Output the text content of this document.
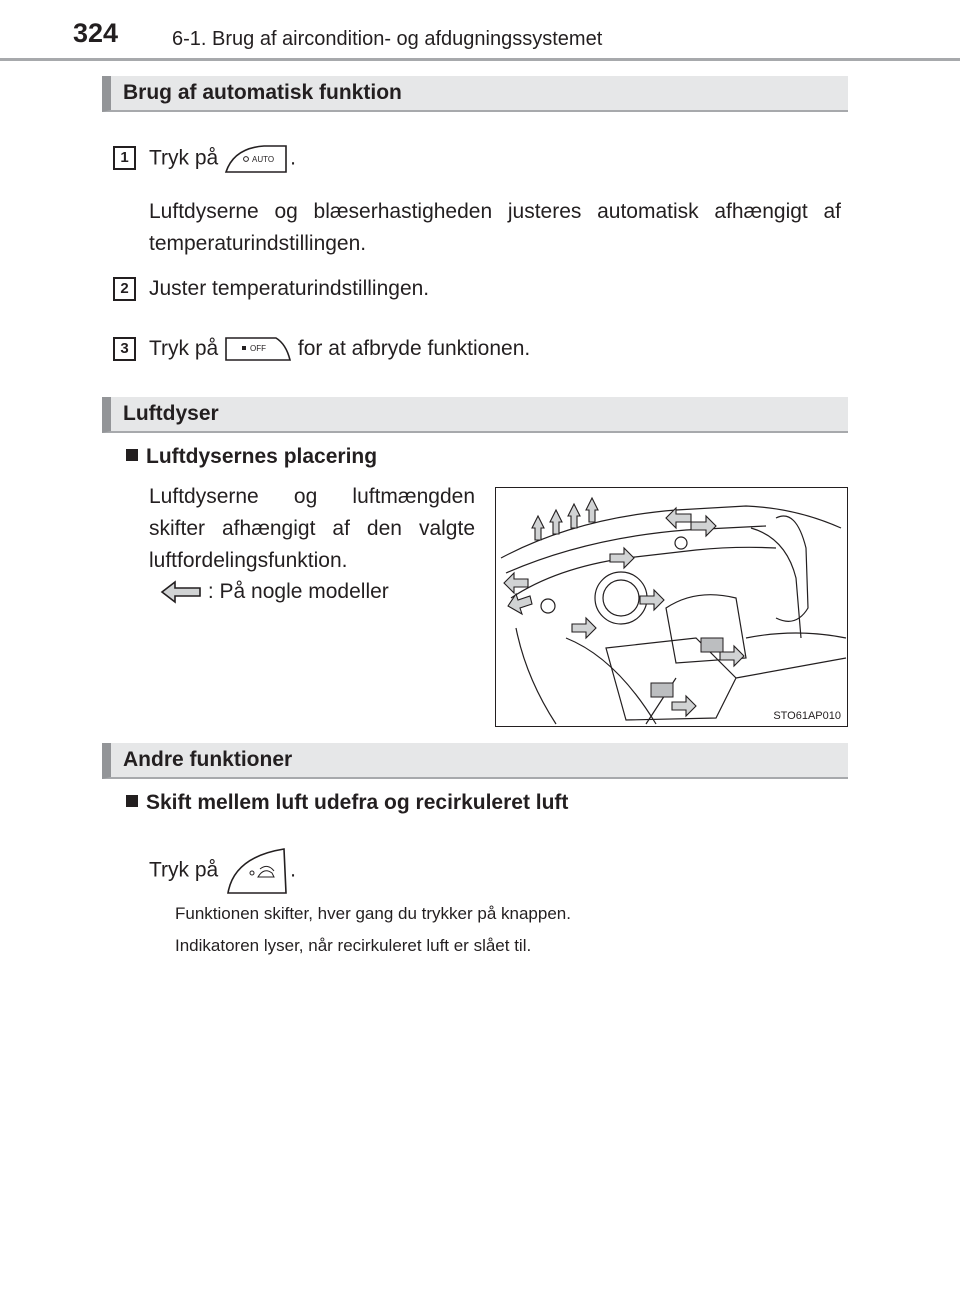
324	6-1. Brug af aircondition- og afdugningssystemet
Brug af automatisk funktion
1 Tryk på	AUTO .
Luftdyserne og blæserhastigheden justeres automatisk afhængigt af temperaturindstillingen.
2 Juster temperaturindstillingen.
3 Tryk på	OFF for at afbryde funktionen.
Luftdyser
Luftdysernes placering
Luftdyserne og luftmængden skifter afhængigt af den valgte luftfordelingsfunktion.
: På nogle modeller
STO61AP010
Andre funktioner
Skift mellem luft udefra og recirkuleret luft
Tryk på	.
Funktionen skifter, hver gang du trykker på knappen.
Indikatoren lyser, når recirkuleret luft er slået til.
